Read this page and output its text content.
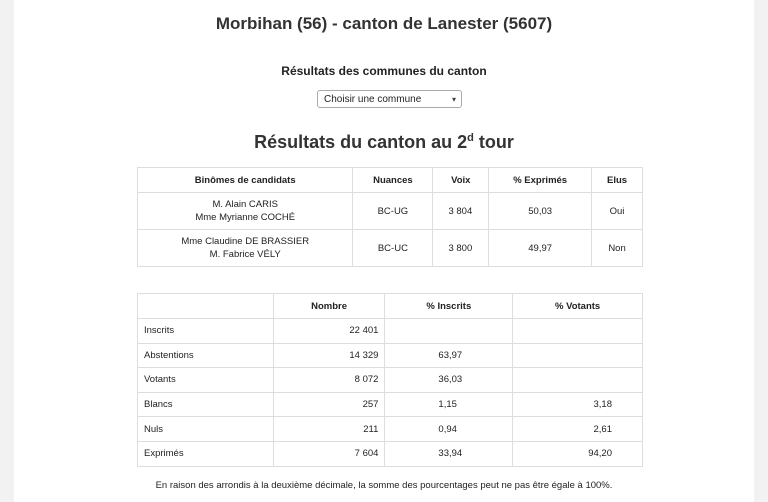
Morbihan (56) - canton de Lanester (5607)
Résultats des communes du canton
Choisir une commune	▾
Résultats du canton au 2$^d$ tour
Binômes de candidats	Nuances	Voix	% Exprimés	Elus
M. Alain CARIS
Mme Myrianne COCHÉ	BC-UG	3 804	50,03	Oui
Mme Claudine DE BRASSIER
M. Fabrice VÉLY	BC-UC	3 800	49,97	Non
	Nombre	% Inscrits	% Votants
Inscrits	22 401		
Abstentions	14 329	63,97	
Votants	8 072	36,03	
Blancs	257	1,15	3,18
Nuls	211	0,94	2,61
Exprimés	7 604	33,94	94,20

En raison des arrondis à la deuxième décimale, la somme des pourcentages peut ne pas être égale à 100%.
